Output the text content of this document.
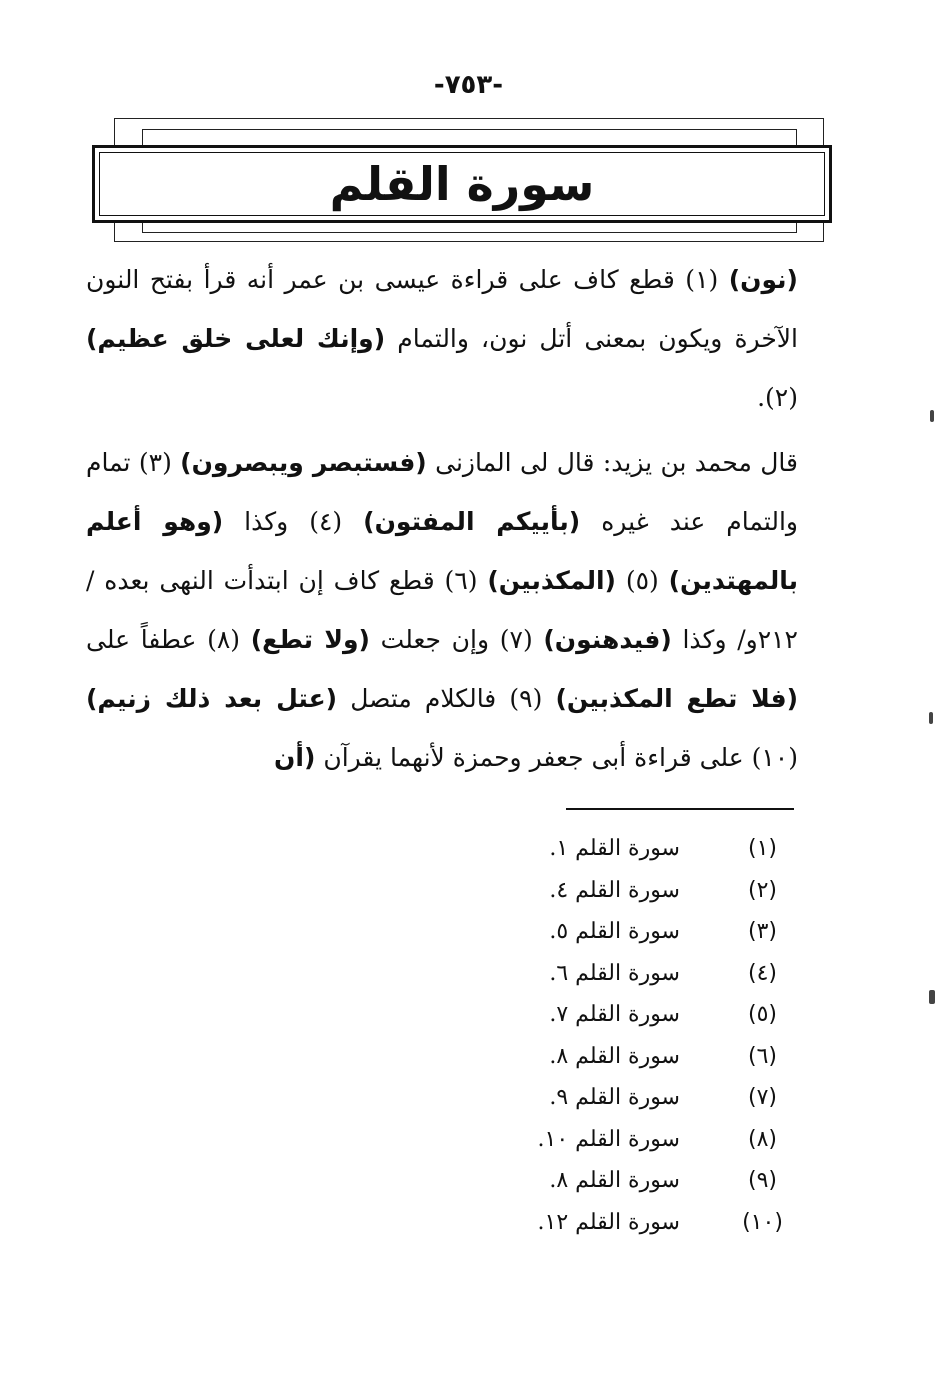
-٧٥٣-
سورة القلم

(نون) (١) قطع كاف على قراءة عيسى بن عمر أنه قرأ بفتح النون الآخرة ويكون بمعنى أتل نون، والتمام (وإنك لعلى خلق عظيم) (٢).

قال محمد بن يزيد: قال لى المازنى (فستبصر ويبصرون) (٣) تمام والتمام عند غيره (بأييكم المفتون) (٤) وكذا (وهو أعلم بالمهتدين) (٥) (المكذبين) (٦) قطع كاف إن ابتدأت النهى بعده /٢١٢و/ وكذا (فيدهنون) (٧) وإن جعلت (ولا تطع) (٨) عطفاً على (فلا تطع المكذبين) (٩) فالكلام متصل (عتل بعد ذلك زنيم) (١٠) على قراءة أبى جعفر وحمزة لأنهما يقرآن (أن

(١)
سورة القلم ١.
(٢)
سورة القلم ٤.
(٣)
سورة القلم ٥.
(٤)
سورة القلم ٦.
(٥)
سورة القلم ٧.
(٦)
سورة القلم ٨.
(٧)
سورة القلم ٩.
(٨)
سورة القلم ١٠.
(٩)
سورة القلم ٨.
(١٠)
سورة القلم ١٢.
